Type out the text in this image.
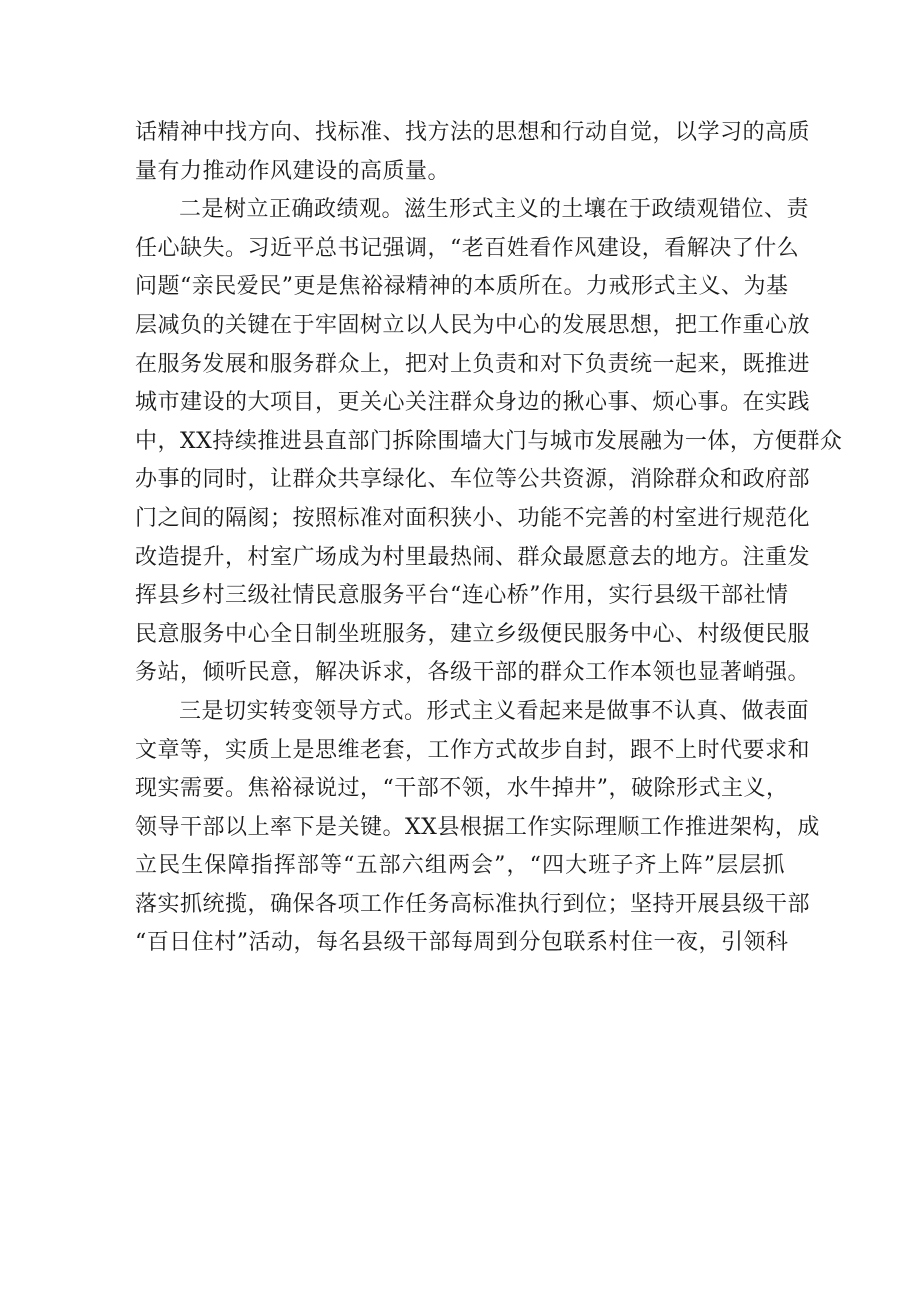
话精神中找方向、找标准、找方法的思想和行动自觉，以学习的高质
量有力推动作风建设的高质量。
二是树立正确政绩观。滋生形式主义的土壤在于政绩观错位、责
任心缺失。习近平总书记强调，“老百姓看作风建设，看解决了什么
问题“亲民爱民”更是焦裕禄精神的本质所在。力戒形式主义、为基
层减负的关键在于牢固树立以人民为中心的发展思想，把工作重心放
在服务发展和服务群众上，把对上负责和对下负责统一起来，既推进
城市建设的大项目，更关心关注群众身边的揪心事、烦心事。在实践
中，XX持续推进县直部门拆除围墙大门与城市发展融为一体，方便群众
办事的同时，让群众共享绿化、车位等公共资源，消除群众和政府部
门之间的隔阂；按照标准对面积狭小、功能不完善的村室进行规范化
改造提升，村室广场成为村里最热闹、群众最愿意去的地方。注重发
挥县乡村三级社情民意服务平台“连心桥”作用，实行县级干部社情
民意服务中心全日制坐班服务，建立乡级便民服务中心、村级便民服
务站，倾听民意，解决诉求，各级干部的群众工作本领也显著峭强。
三是切实转变领导方式。形式主义看起来是做事不认真、做表面
文章等，实质上是思维老套，工作方式故步自封，跟不上时代要求和
现实需要。焦裕禄说过，“干部不领，水牛掉井”，破除形式主义，
领导干部以上率下是关键。XX县根据工作实际理顺工作推进架构，成
立民生保障指挥部等“五部六组两会”，“四大班子齐上阵”层层抓
落实抓统揽，确保各项工作任务高标准执行到位；坚持开展县级干部
“百日住村”活动，每名县级干部每周到分包联系村住一夜，引领科
